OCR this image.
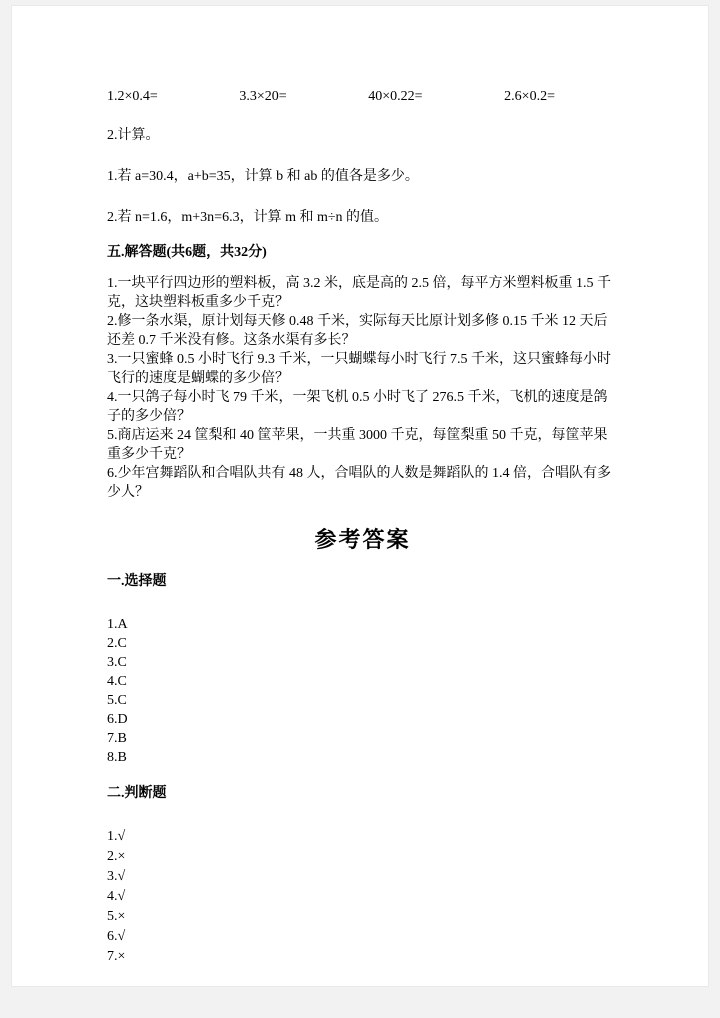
1.2×0.4=	3.3×20=	40×0.22=	2.6×0.2=

2.计算。

1.若 a=30.4，a+b=35，计算 b 和 ab 的值各是多少。

2.若 n=1.6，m+3n=6.3，计算 m 和 m÷n 的值。

五.解答题(共6题，共32分)

1.一块平行四边形的塑料板，高 3.2 米，底是高的 2.5 倍，每平方米塑料板重 1.5 千克，这块塑料板重多少千克？

2.修一条水渠，原计划每天修 0.48 千米，实际每天比原计划多修 0.15 千米 12 天后还差 0.7 千米没有修。这条水渠有多长？

3.一只蜜蜂 0.5 小时飞行 9.3 千米，一只蝴蝶每小时飞行 7.5 千米，这只蜜蜂每小时飞行的速度是蝴蝶的多少倍？

4.一只鸽子每小时飞 79 千米，一架飞机 0.5 小时飞了 276.5 千米，飞机的速度是鸽子的多少倍？

5.商店运来 24 筐梨和 40 筐苹果，一共重 3000 千克，每筐梨重 50 千克，每筐苹果重多少千克？

6.少年宫舞蹈队和合唱队共有 48 人，合唱队的人数是舞蹈队的 1.4 倍，合唱队有多少人？

参考答案
一.选择题
1.A
2.C
3.C
4.C
5.C
6.D
7.B
8.B
二.判断题
1.√
2.×
3.√
4.√
5.×
6.√
7.×
